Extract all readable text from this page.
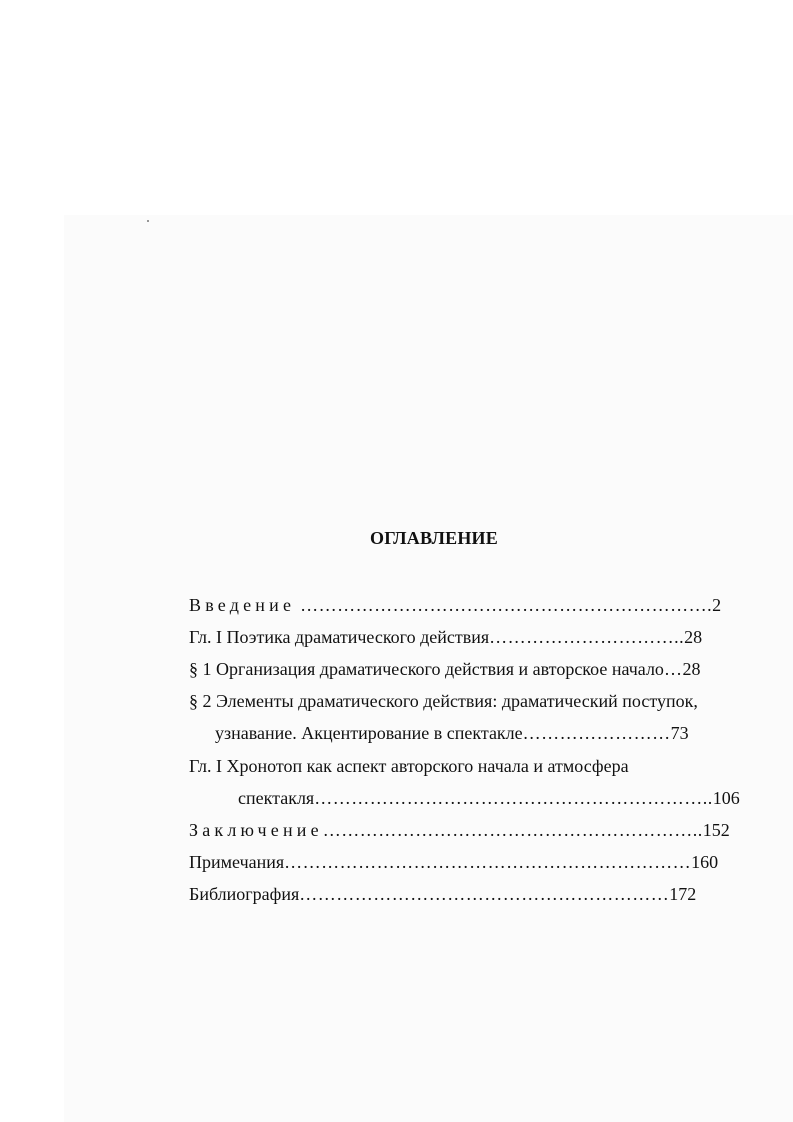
ОГЛАВЛЕНИЕ
Введение ………………………………………………………….2
Гл. I Поэтика драматического действия…………………………..28
§ 1 Организация драматического действия и авторское начало…28
§ 2 Элементы драматического действия: драматический поступок,
узнавание. Акцентирование в спектакле……………………73
Гл. I Хронотоп как аспект авторского начала и атмосфера
спектакля………………………………………………………..106
Заключение……………………………………………………..152
Примечания…………………………………………………………160
Библиография……………………………………………………172
